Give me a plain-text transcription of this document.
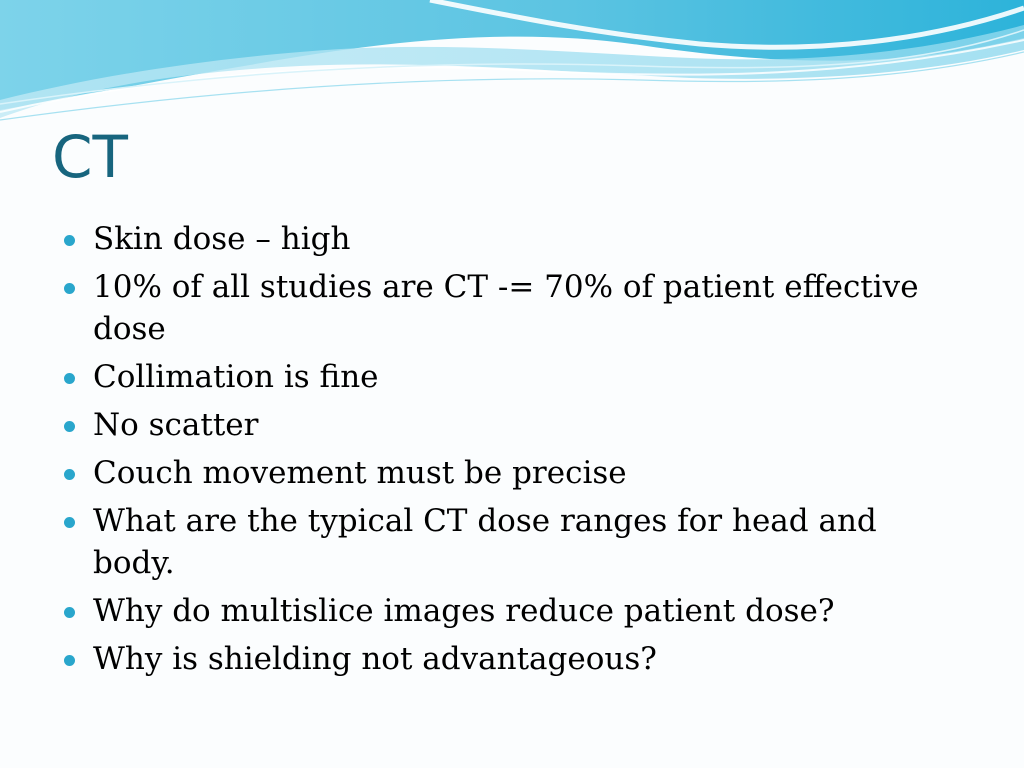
CT
Skin dose – high
10% of all studies are CT -= 70% of patient effective dose
Collimation is fine
No scatter
Couch movement must be precise
What are the typical CT dose ranges for head and body.
Why do multislice images reduce patient dose?
Why is shielding not advantageous?
